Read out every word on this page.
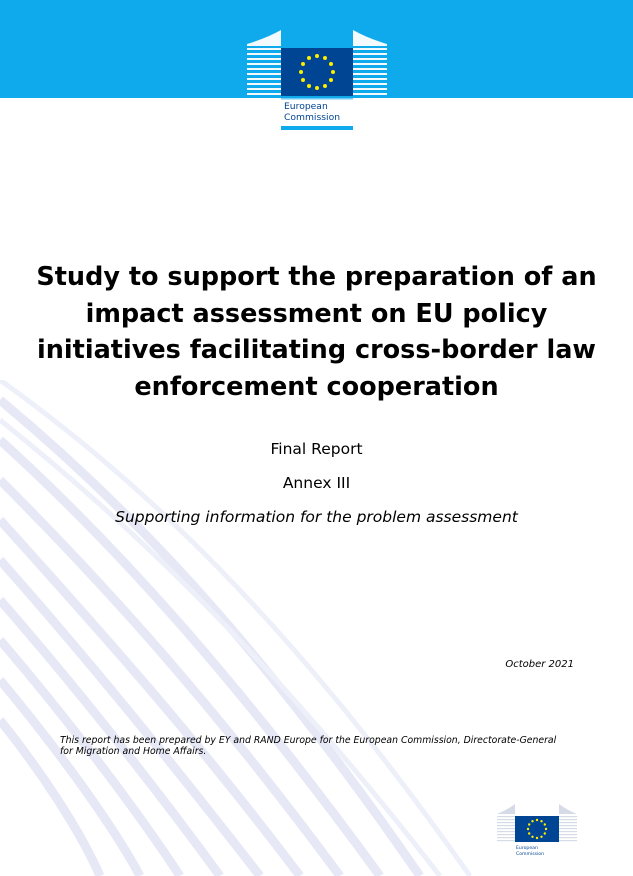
European
Commission
Study to support the preparation of an impact assessment on EU policy initiatives facilitating cross-border law enforcement cooperation
Final Report
Annex III
Supporting information for the problem assessment
October 2021
This report has been prepared by EY and RAND Europe for the European Commission, Directorate-General for Migration and Home Affairs.
European
Commission
